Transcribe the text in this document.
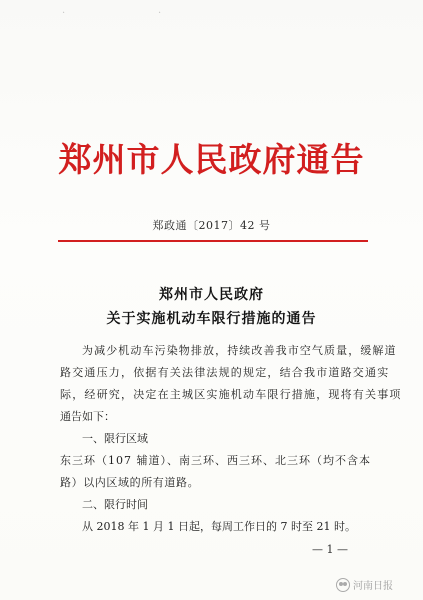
·	·
郑州市人民政府通告
郑政通〔2017〕42 号
郑州市人民政府
关于实施机动车限行措施的通告
为减少机动车污染物排放，持续改善我市空气质量，缓解道
路交通压力，依据有关法律法规的规定，结合我市道路交通实
际，经研究，决定在主城区实施机动车限行措施，现将有关事项
通告如下：
一、限行区域
东三环（107 辅道）、南三环、西三环、北三环（均不含本
路）以内区域的所有道路。
二、限行时间
从 2018 年 1 月 1 日起，每周工作日的 7 时至 21 时。
— 1 —
河南日报
